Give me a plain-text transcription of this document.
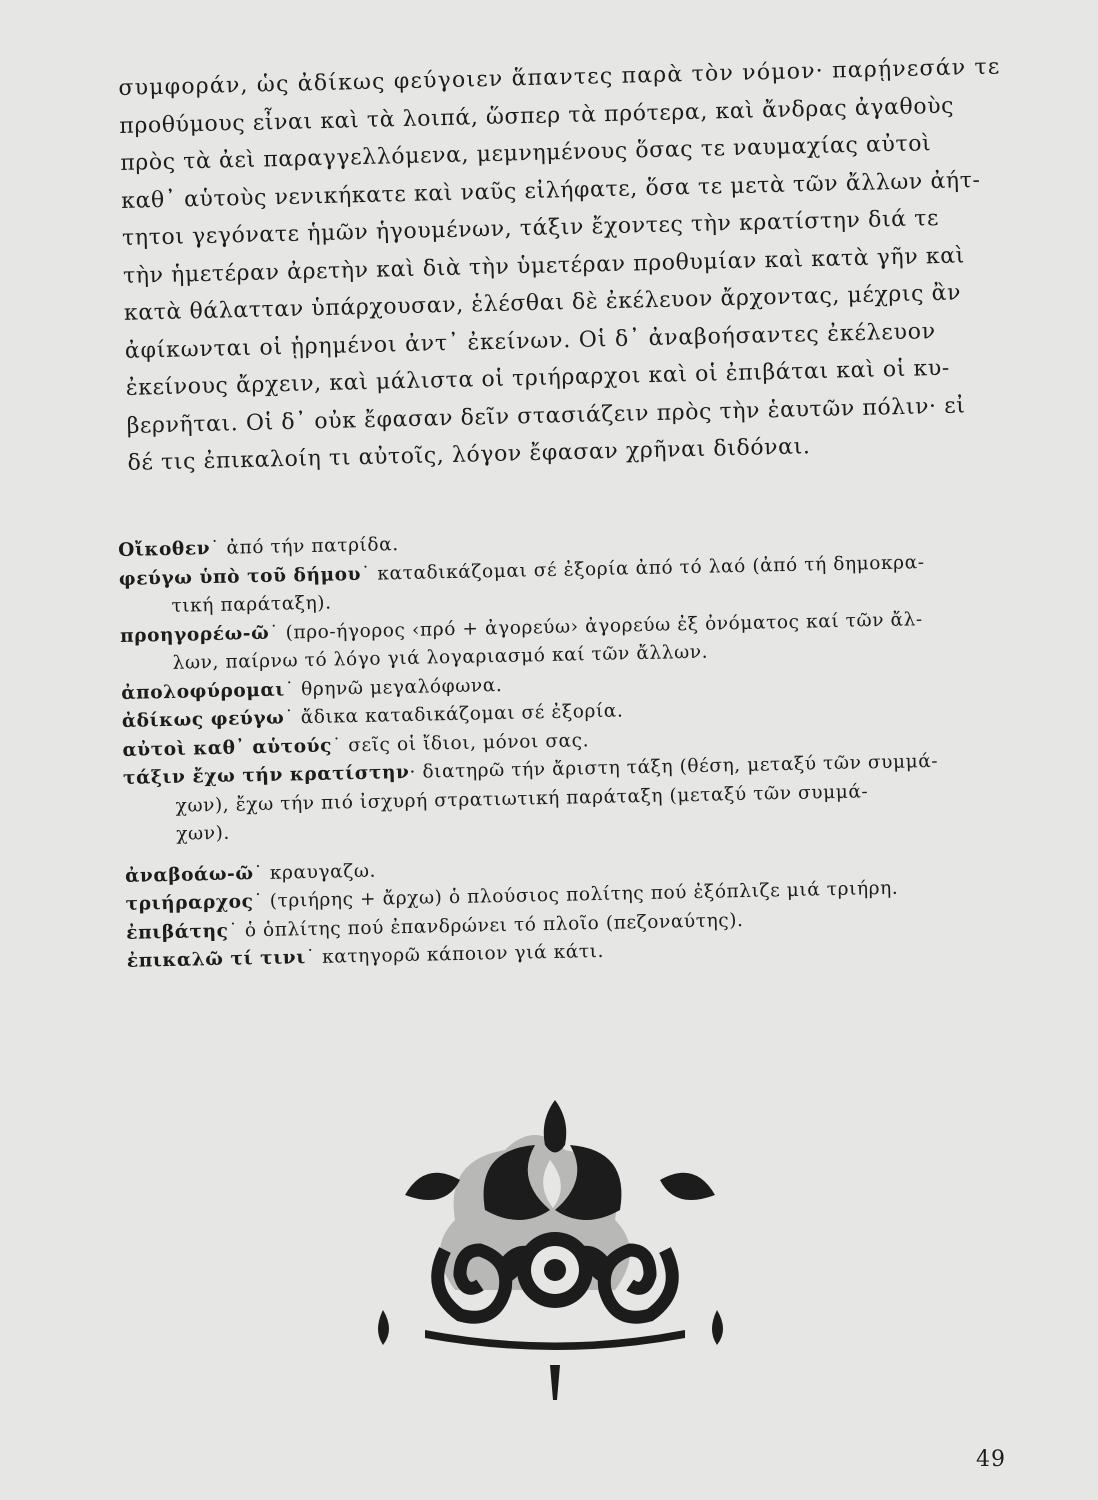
συμφοράν, ὡς ἀδίκως φεύγοιεν ἅπαντες παρὰ τὸν νόμον· παρῄνεσάν τε
προθύμους εἶναι καὶ τὰ λοιπά, ὥσπερ τὰ πρότερα, καὶ ἄνδρας ἀγαθοὺς
πρὸς τὰ ἀεὶ παραγγελλόμενα, μεμνημένους ὅσας τε ναυμαχίας αὐτοὶ
καθ᾽ αὑτοὺς νενικήκατε καὶ ναῦς εἰλήφατε, ὅσα τε μετὰ τῶν ἄλλων ἀήτ-
τητοι γεγόνατε ἡμῶν ἡγουμένων, τάξιν ἔχοντες τὴν κρατίστην διά τε
τὴν ἡμετέραν ἀρετὴν καὶ διὰ τὴν ὑμετέραν προθυμίαν καὶ κατὰ γῆν καὶ
κατὰ θάλατταν ὑπάρχουσαν, ἑλέσθαι δὲ ἐκέλευον ἄρχοντας, μέχρις ἂν
ἀφίκωνται οἱ ᾑρημένοι ἀντ᾽ ἐκείνων. Οἱ δ᾽ ἀναβοήσαντες ἐκέλευον
ἐκείνους ἄρχειν, καὶ μάλιστα οἱ τριήραρχοι καὶ οἱ ἐπιβάται καὶ οἱ κυ-
βερνῆται. Οἱ δ᾽ οὐκ ἔφασαν δεῖν στασιάζειν πρὸς τὴν ἑαυτῶν πόλιν· εἰ
δέ τις ἐπικαλοίη τι αὐτοῖς, λόγον ἔφασαν χρῆναι διδόναι.
Οἴκοθεν˙ ἀπό τήν πατρίδα.
φεύγω ὑπὸ τοῦ δήμου˙ καταδικάζομαι σέ ἐξορία ἀπό τό λαό (ἀπό τή δημοκρα-
τική παράταξη).
προηγορέω-ῶ˙ (προ-ήγορος ‹πρό + ἀγορεύω› ἀγορεύω ἐξ ὀνόματος καί τῶν ἄλ-
λων, παίρνω τό λόγο γιά λογαριασμό καί τῶν ἄλλων.
ἀπολοφύρομαι˙ θρηνῶ μεγαλόφωνα.
ἀδίκως φεύγω˙ ἄδικα καταδικάζομαι σέ ἐξορία.
αὐτοὶ καθ᾽ αὑτούς˙ σεῖς οἱ ἴδιοι, μόνοι σας.
τάξιν ἔχω τήν κρατίστην· διατηρῶ τήν ἄριστη τάξη (θέση, μεταξύ τῶν συμμά-
χων), ἔχω τήν πιό ἰσχυρή στρατιωτική παράταξη (μεταξύ τῶν συμμά-
χων).
ἀναβοάω-ῶ˙ κραυγαζω.
τριήραρχος˙ (τριήρης + ἄρχω) ὁ πλούσιος πολίτης πού ἐξόπλιζε μιά τριήρη.
ἐπιβάτης˙ ὁ ὁπλίτης πού ἐπανδρώνει τό πλοῖο (πεζοναύτης).
ἐπικαλῶ τί τινι˙ κατηγορῶ κάποιον γιά κάτι.
49
